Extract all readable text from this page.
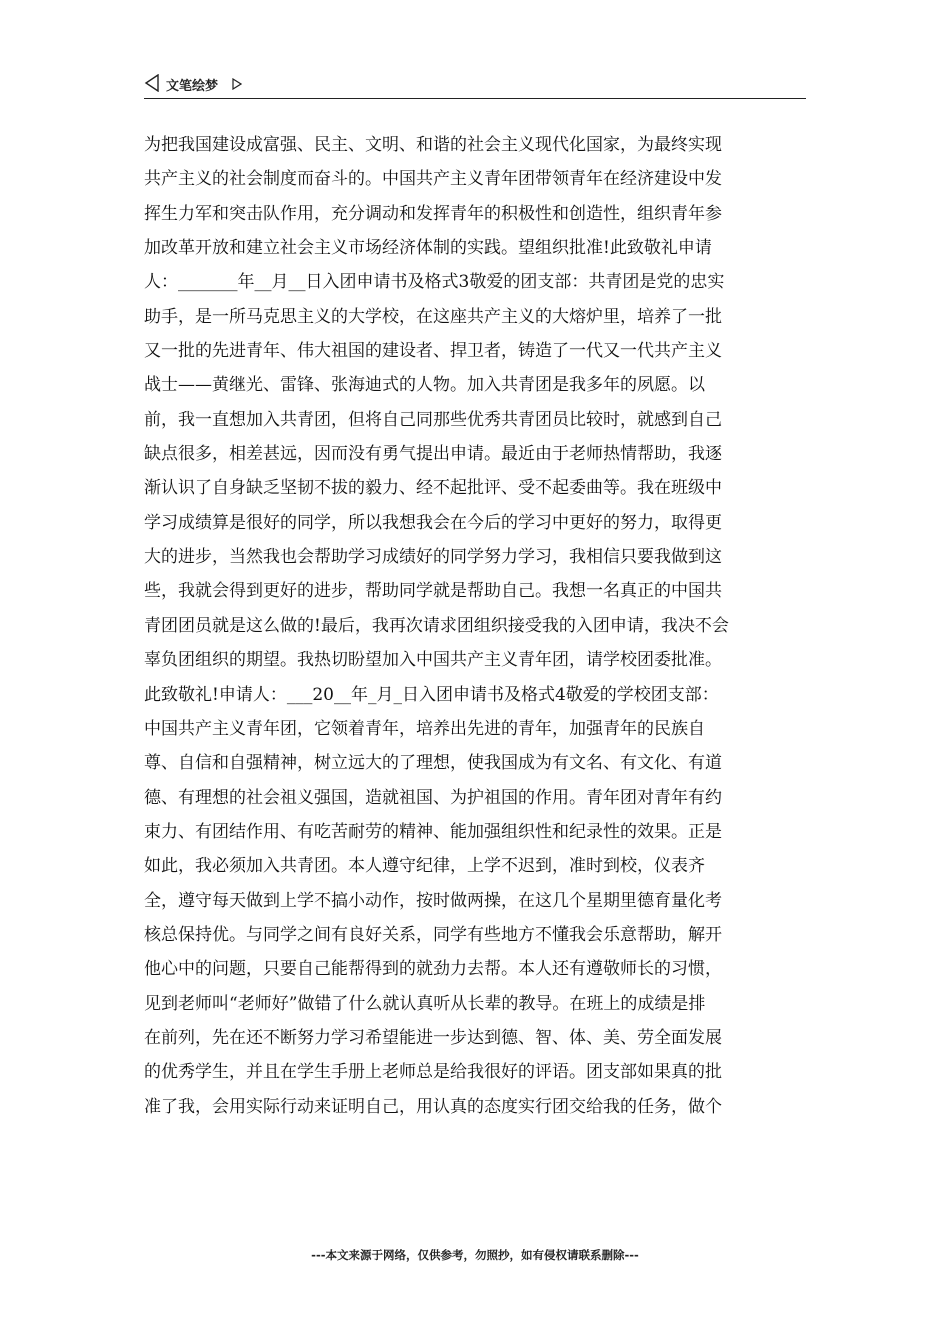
文笔绘梦
为把我国建设成富强、民主、文明、和谐的社会主义现代化国家，为最终实现
共产主义的社会制度而奋斗的。中国共产主义青年团带领青年在经济建设中发
挥生力军和突击队作用，充分调动和发挥青年的积极性和创造性，组织青年参
加改革开放和建立社会主义市场经济体制的实践。望组织批准!此致敬礼申请
人：_______年__月__日入团申请书及格式3敬爱的团支部：共青团是党的忠实
助手，是一所马克思主义的大学校，在这座共产主义的大熔炉里，培养了一批
又一批的先进青年、伟大祖国的建设者、捍卫者，铸造了一代又一代共产主义
战士——黄继光、雷锋、张海迪式的人物。加入共青团是我多年的夙愿。以
前，我一直想加入共青团，但将自己同那些优秀共青团员比较时，就感到自己
缺点很多，相差甚远，因而没有勇气提出申请。最近由于老师热情帮助，我逐
渐认识了自身缺乏坚韧不拔的毅力、经不起批评、受不起委曲等。我在班级中
学习成绩算是很好的同学，所以我想我会在今后的学习中更好的努力，取得更
大的进步，当然我也会帮助学习成绩好的同学努力学习，我相信只要我做到这
些，我就会得到更好的进步，帮助同学就是帮助自己。我想一名真正的中国共
青团团员就是这么做的!最后，我再次请求团组织接受我的入团申请，我决不会
辜负团组织的期望。我热切盼望加入中国共产主义青年团，请学校团委批准。
此致敬礼!申请人：___20__年_月_日入团申请书及格式4敬爱的学校团支部：
中国共产主义青年团，它领着青年，培养出先进的青年，加强青年的民族自
尊、自信和自强精神，树立远大的了理想，使我国成为有文名、有文化、有道
德、有理想的社会祖义强国，造就祖国、为护祖国的作用。青年团对青年有约
束力、有团结作用、有吃苦耐劳的精神、能加强组织性和纪录性的效果。正是
如此，我必须加入共青团。本人遵守纪律，上学不迟到，准时到校，仪表齐
全，遵守每天做到上学不搞小动作，按时做两操，在这几个星期里德育量化考
核总保持优。与同学之间有良好关系，同学有些地方不懂我会乐意帮助，解开
他心中的问题，只要自己能帮得到的就劲力去帮。本人还有遵敬师长的习惯，
见到老师叫“老师好”做错了什么就认真听从长辈的教导。在班上的成绩是排
在前列，先在还不断努力学习希望能进一步达到德、智、体、美、劳全面发展
的优秀学生，并且在学生手册上老师总是给我很好的评语。团支部如果真的批
准了我，会用实际行动来证明自己，用认真的态度实行团交给我的任务，做个
---本文来源于网络，仅供参考，勿照抄，如有侵权请联系删除---
